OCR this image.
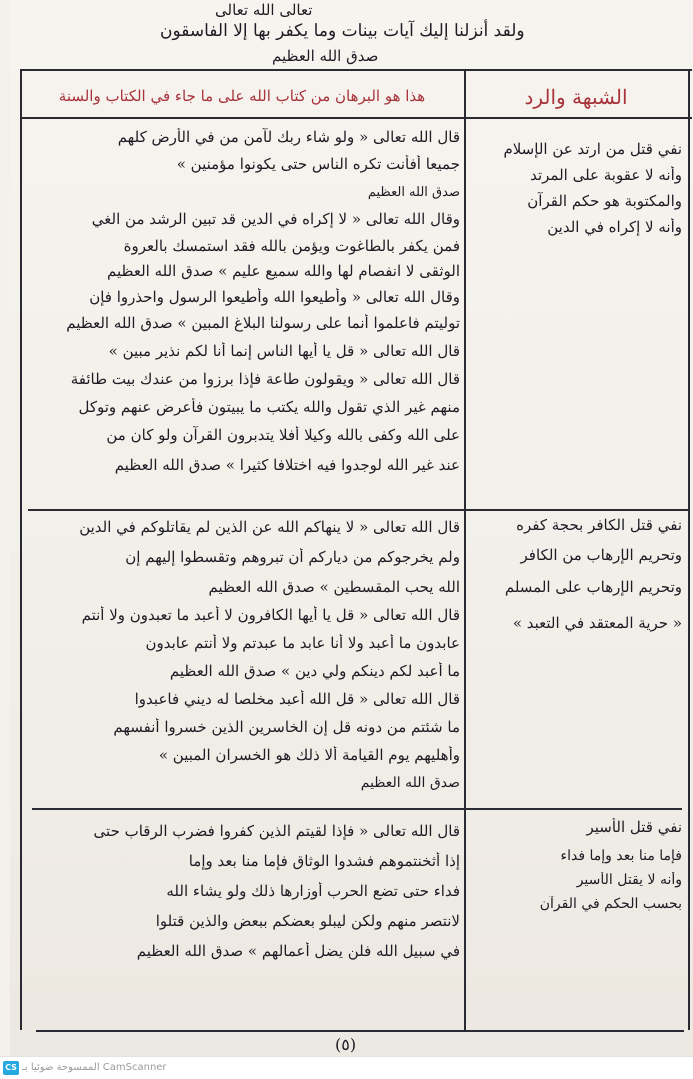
تعالى الله تعالى
ولقد أنزلنا إليك آيات بينات وما يكفر بها إلا الفاسقون
صدق الله العظيم
الشبهة والرد
هذا هو البرهان من كتاب الله على ما جاء في الكتاب والسنة
نفي قتل من ارتد عن الإسلام
وأنه لا عقوبة على المرتد
والمكتوبة هو حكم القرآن
وأنه لا إكراه في الدين
قال الله تعالى « ولو شاء ربك لآمن من في الأرض كلهم
جميعا أفأنت تكره الناس حتى يكونوا مؤمنين »
صدق الله العظيم
وقال الله تعالى « لا إكراه في الدين قد تبين الرشد من الغي
فمن يكفر بالطاغوت ويؤمن بالله فقد استمسك بالعروة
الوثقى لا انفصام لها والله سميع عليم » صدق الله العظيم
وقال الله تعالى « وأطيعوا الله وأطيعوا الرسول واحذروا فإن
توليتم فاعلموا أنما على رسولنا البلاغ المبين » صدق الله العظيم
قال الله تعالى « قل يا أيها الناس إنما أنا لكم نذير مبين »
قال الله تعالى « ويقولون طاعة فإذا برزوا من عندك بيت طائفة
منهم غير الذي تقول والله يكتب ما يبيتون فأعرض عنهم وتوكل
على الله وكفى بالله وكيلا أفلا يتدبرون القرآن ولو كان من
عند غير الله لوجدوا فيه اختلافا كثيرا » صدق الله العظيم
نفي قتل الكافر بحجة كفره
وتحريم الإرهاب من الكافر
وتحريم الإرهاب على المسلم
« حرية المعتقد في التعبد »
قال الله تعالى « لا ينهاكم الله عن الذين لم يقاتلوكم في الدين
ولم يخرجوكم من دياركم أن تبروهم وتقسطوا إليهم إن
الله يحب المقسطين » صدق الله العظيم
قال الله تعالى « قل يا أيها الكافرون لا أعبد ما تعبدون ولا أنتم
عابدون ما أعبد ولا أنا عابد ما عبدتم ولا أنتم عابدون
ما أعبد لكم دينكم ولي دين » صدق الله العظيم
قال الله تعالى « قل الله أعبد مخلصا له ديني فاعبدوا
ما شئتم من دونه قل إن الخاسرين الذين خسروا أنفسهم
وأهليهم يوم القيامة ألا ذلك هو الخسران المبين »
صدق الله العظيم
نفي قتل الأسير
فإما منا بعد وإما فداء
وأنه لا يقتل الأسير
بحسب الحكم في القرآن
قال الله تعالى « فإذا لقيتم الذين كفروا فضرب الرقاب حتى
إذا أثخنتموهم فشدوا الوثاق فإما منا بعد وإما
فداء حتى تضع الحرب أوزارها ذلك ولو يشاء الله
لانتصر منهم ولكن ليبلو بعضكم ببعض والذين قتلوا
في سبيل الله فلن يضل أعمالهم » صدق الله العظيم
(٥)
CS CamScanner الممسوحة ضوئيا بـ
